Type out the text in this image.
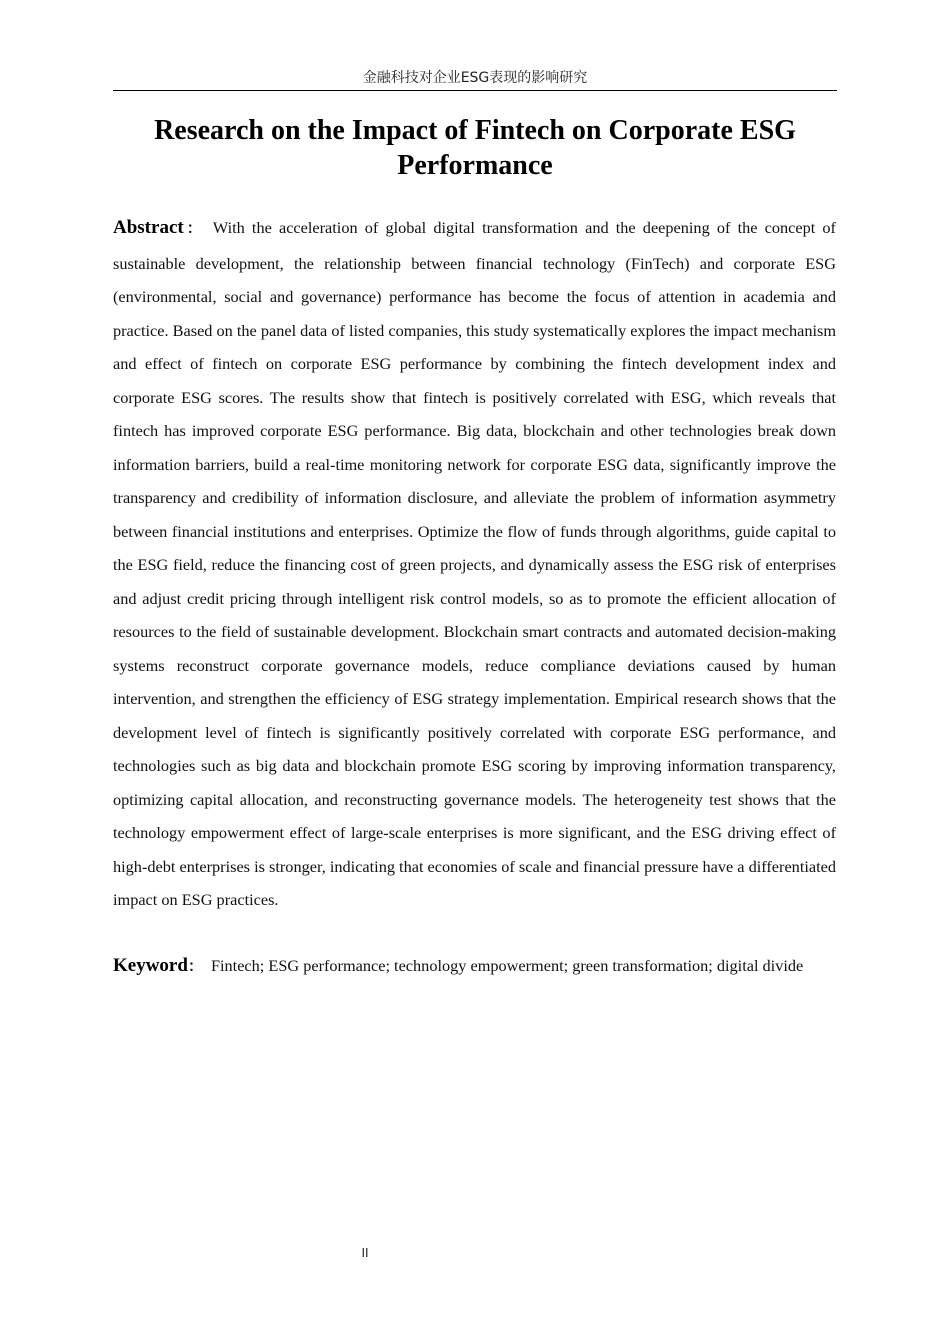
金融科技对企业ESG表现的影响研究
Research on the Impact of Fintech on Corporate ESG Performance

Abstract： With the acceleration of global digital transformation and the deepening of the concept of sustainable development, the relationship between financial technology (FinTech) and corporate ESG (environmental, social and governance) performance has become the focus of attention in academia and practice. Based on the panel data of listed companies, this study systematically explores the impact mechanism and effect of fintech on corporate ESG performance by combining the fintech development index and corporate ESG scores. The results show that fintech is positively correlated with ESG, which reveals that fintech has improved corporate ESG performance. Big data, blockchain and other technologies break down information barriers, build a real-time monitoring network for corporate ESG data, significantly improve the transparency and credibility of information disclosure, and alleviate the problem of information asymmetry between financial institutions and enterprises. Optimize the flow of funds through algorithms, guide capital to the ESG field, reduce the financing cost of green projects, and dynamically assess the ESG risk of enterprises and adjust credit pricing through intelligent risk control models, so as to promote the efficient allocation of resources to the field of sustainable development. Blockchain smart contracts and automated decision-making systems reconstruct corporate governance models, reduce compliance deviations caused by human intervention, and strengthen the efficiency of ESG strategy implementation. Empirical research shows that the development level of fintech is significantly positively correlated with corporate ESG performance, and technologies such as big data and blockchain promote ESG scoring by improving information transparency, optimizing capital allocation, and reconstructing governance models. The heterogeneity test shows that the technology empowerment effect of large-scale enterprises is more significant, and the ESG driving effect of high-debt enterprises is stronger, indicating that economies of scale and financial pressure have a differentiated impact on ESG practices.

Keyword： Fintech; ESG performance; technology empowerment; green transformation; digital divide

II
